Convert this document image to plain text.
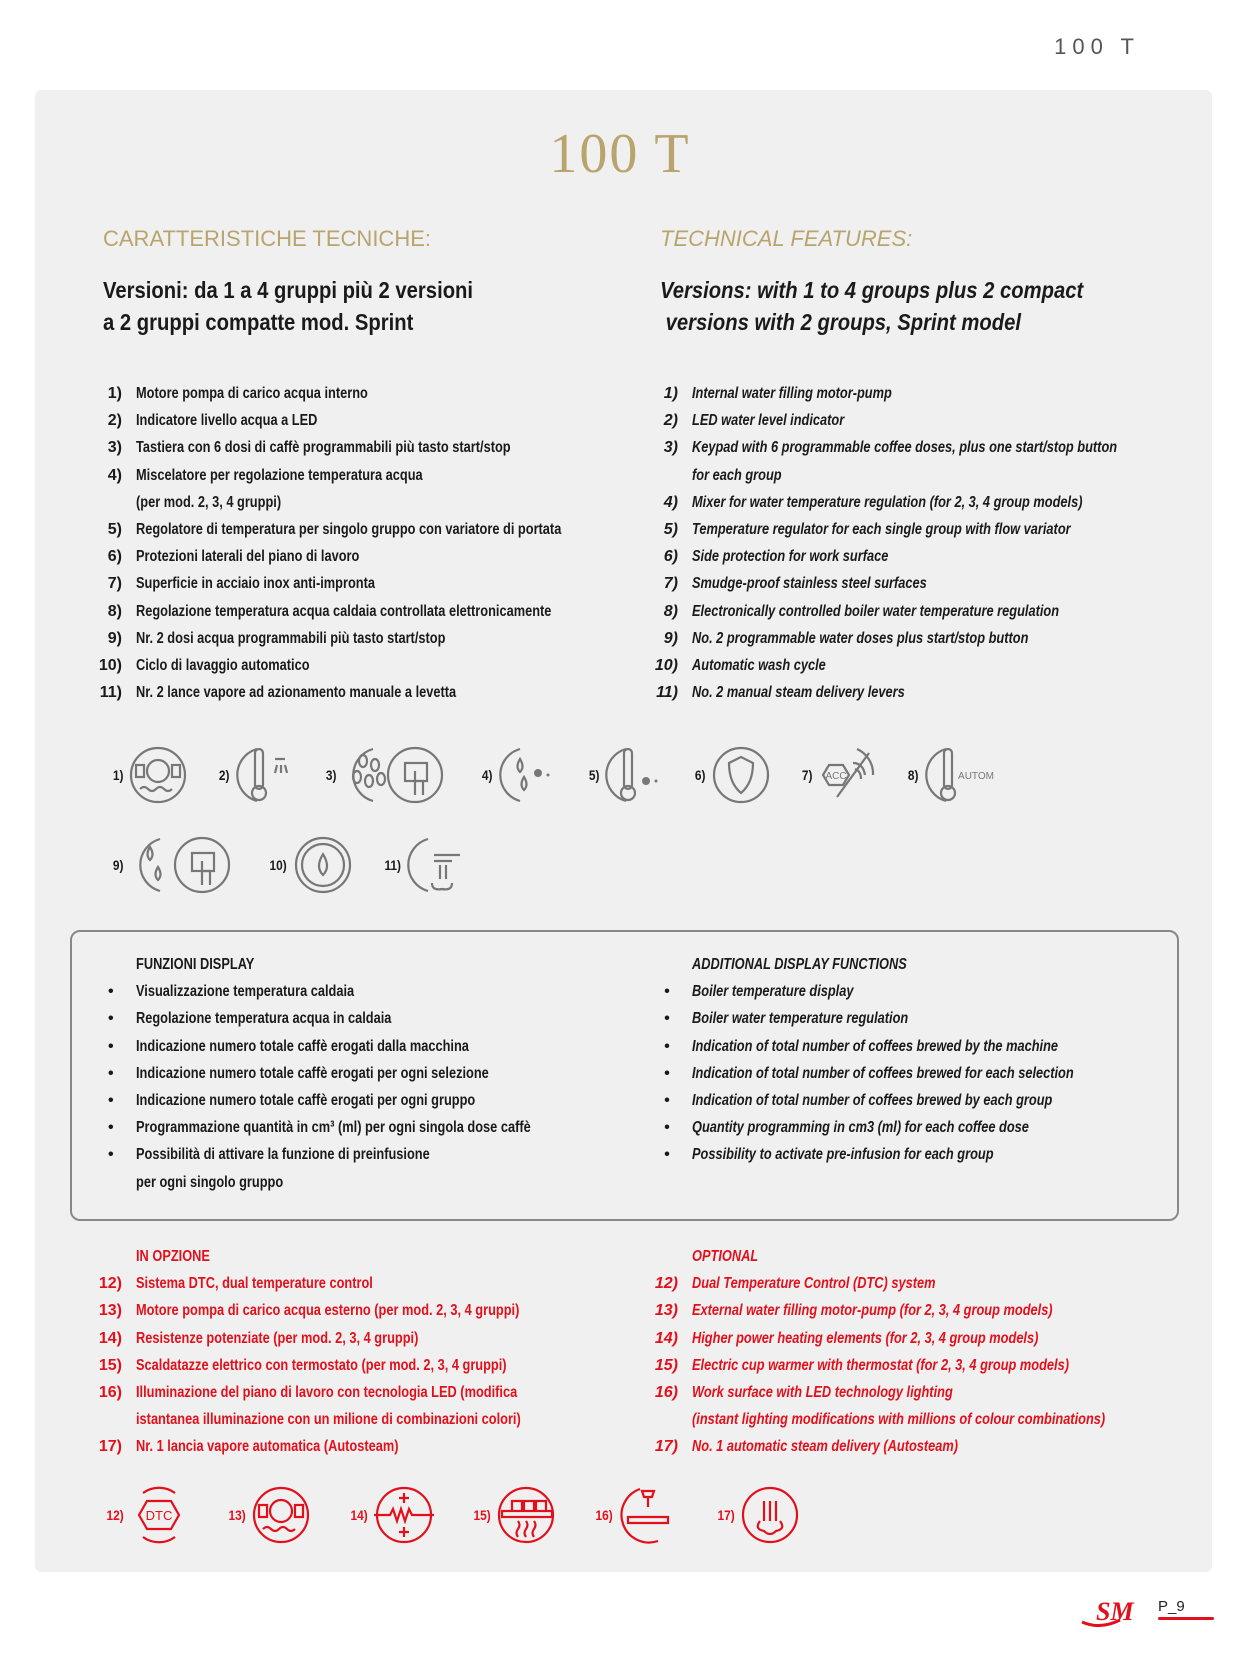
100 T
100 T
CARATTERISTICHE TECNICHE:	TECHNICAL FEATURES:
Versioni: da 1 a 4 gruppi più 2 versioni
a 2 gruppi compatte mod. Sprint
Versions: with 1 to 4 groups plus 2 compact
versions with 2 groups, Sprint model
1) Motore pompa di carico acqua interno
2) Indicatore livello acqua a LED
3) Tastiera con 6 dosi di caffè programmabili più tasto start/stop
4) Miscelatore per regolazione temperatura acqua
(per mod. 2, 3, 4 gruppi)
5) Regolatore di temperatura per singolo gruppo con variatore di portata
6) Protezioni laterali del piano di lavoro
7) Superficie in acciaio inox anti-impronta
8) Regolazione temperatura acqua caldaia controllata elettronicamente
9) Nr. 2 dosi acqua programmabili più tasto start/stop
10) Ciclo di lavaggio automatico
11) Nr. 2 lance vapore ad azionamento manuale a levetta
1) Internal water filling motor-pump
2) LED water level indicator
3) Keypad with 6 programmable coffee doses, plus one start/stop button
for each group
4) Mixer for water temperature regulation (for 2, 3, 4 group models)
5) Temperature regulator for each single group with flow variator
6) Side protection for work surface
7) Smudge-proof stainless steel surfaces
8) Electronically controlled boiler water temperature regulation
9) No. 2 programmable water doses plus start/stop button
10) Automatic wash cycle
11) No. 2 manual steam delivery levers
1)	2)	3)	4)	5)	6)	7) ACC	8)	AUTOM
9)	10)	11)
FUNZIONI DISPLAY
• Visualizzazione temperatura caldaia
• Regolazione temperatura acqua in caldaia
• Indicazione numero totale caffè erogati dalla macchina
• Indicazione numero totale caffè erogati per ogni selezione
• Indicazione numero totale caffè erogati per ogni gruppo
• Programmazione quantità in cm³ (ml) per ogni singola dose caffè
• Possibilità di attivare la funzione di preinfusione
per ogni singolo gruppo
ADDITIONAL DISPLAY FUNCTIONS
• Boiler temperature display
• Boiler water temperature regulation
• Indication of total number of coffees brewed by the machine
• Indication of total number of coffees brewed for each selection
• Indication of total number of coffees brewed by each group
• Quantity programming in cm3 (ml) for each coffee dose
• Possibility to activate pre-infusion for each group
IN OPZIONE
12) Sistema DTC, dual temperature control
13) Motore pompa di carico acqua esterno (per mod. 2, 3, 4 gruppi)
14) Resistenze potenziate (per mod. 2, 3, 4 gruppi)
15) Scaldatazze elettrico con termostato (per mod. 2, 3, 4 gruppi)
16) Illuminazione del piano di lavoro con tecnologia LED (modifica
istantanea illuminazione con un milione di combinazioni colori)
17) Nr. 1 lancia vapore automatica (Autosteam)
OPTIONAL
12) Dual Temperature Control (DTC) system
13) External water filling motor-pump (for 2, 3, 4 group models)
14) Higher power heating elements (for 2, 3, 4 group models)
15) Electric cup warmer with thermostat (for 2, 3, 4 group models)
16) Work surface with LED technology lighting
(instant lighting modifications with millions of colour combinations)
17) No. 1 automatic steam delivery (Autosteam)
12) DTC	13)	14)	15)	16)	17)
SM P_9
